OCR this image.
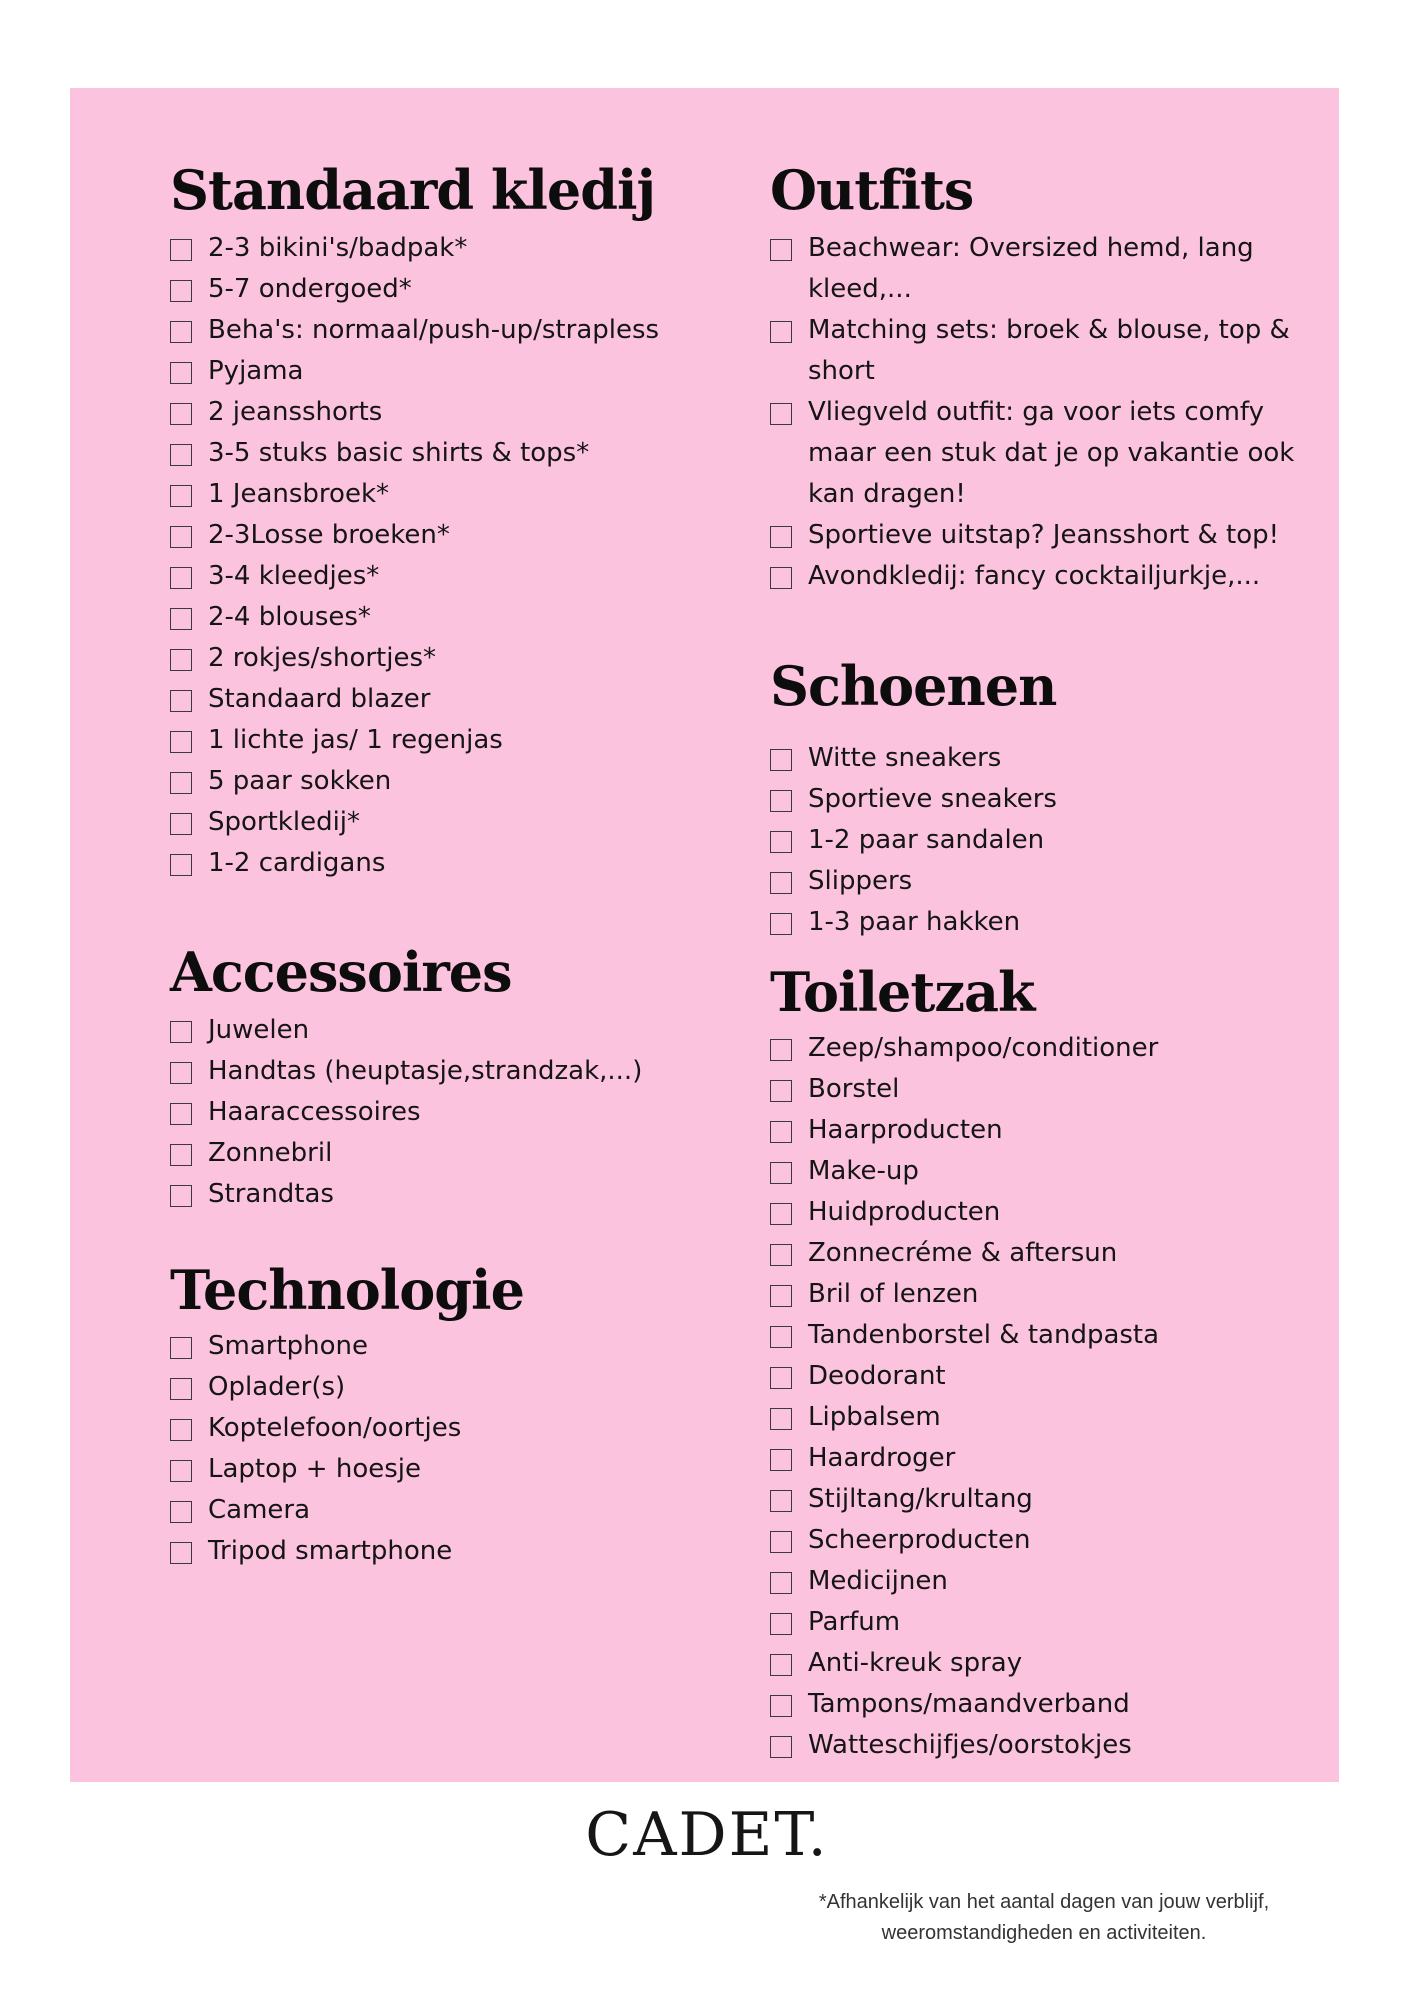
Standaard kledij
2-3 bikini's/badpak*
5-7 ondergoed*
Beha's: normaal/push-up/strapless
Pyjama
2 jeansshorts
3-5 stuks basic shirts & tops*
1 Jeansbroek*
2-3Losse broeken*
3-4 kleedjes*
2-4 blouses*
2 rokjes/shortjes*
Standaard blazer
1 lichte jas/ 1 regenjas
5 paar sokken
Sportkledij*
1-2 cardigans
Accessoires
Juwelen
Handtas (heuptasje,strandzak,...)
Haaraccessoires
Zonnebril
Strandtas
Technologie
Smartphone
Oplader(s)
Koptelefoon/oortjes
Laptop + hoesje
Camera
Tripod smartphone
Outfits
Beachwear: Oversized hemd, lang kleed,...
Matching sets: broek & blouse, top & short
Vliegveld outfit: ga voor iets comfy maar een stuk dat je op vakantie ook kan dragen!
Sportieve uitstap? Jeansshort & top!
Avondkledij: fancy cocktailjurkje,...
Schoenen
Witte sneakers
Sportieve sneakers
1-2 paar sandalen
Slippers
1-3 paar hakken
Toiletzak
Zeep/shampoo/conditioner
Borstel
Haarproducten
Make-up
Huidproducten
Zonnecréme & aftersun
Bril of lenzen
Tandenborstel & tandpasta
Deodorant
Lipbalsem
Haardroger
Stijltang/krultang
Scheerproducten
Medicijnen
Parfum
Anti-kreuk spray
Tampons/maandverband
Watteschijfjes/oorstokjes
CADET.
*Afhankelijk van het aantal dagen van jouw verblijf,
weeromstandigheden en activiteiten.
